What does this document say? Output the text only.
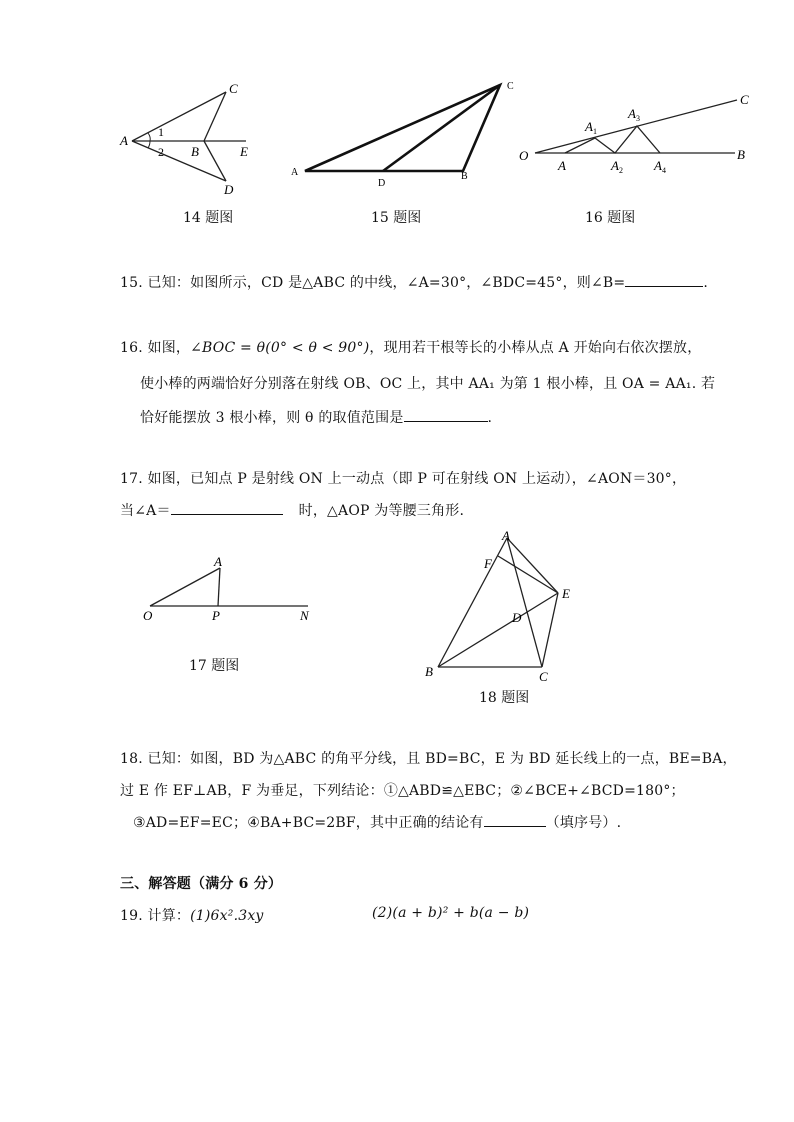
A
1
2 B	E
C
D
14 题图
A
D
B
C
15 题图
O
A
$A_1$
$A_2$
$A_3$
$A_4$
B
C
16 题图
15. 已知：如图所示，CD 是△ABC 的中线，∠A=30°，∠BDC=45°，则∠B=	.
16. 如图，∠BOC = θ(0° < θ < 90°)，现用若干根等长的小棒从点 A 开始向右依次摆放，
使小棒的两端恰好分别落在射线 OB、OC 上，其中 AA₁ 为第 1 根小棒，且 OA = AA₁. 若
恰好能摆放 3 根小棒，则 θ 的取值范围是	.
17. 如图，已知点 P 是射线 ON 上一动点（即 P 可在射线 ON 上运动），∠AON＝30°，
当∠A＝	时，△AOP 为等腰三角形.
A
O	P	N
17 题图
A
F
E
D
B	C
18 题图
18. 已知：如图，BD 为△ABC 的角平分线，且 BD=BC，E 为 BD 延长线上的一点，BE=BA，
过 E 作 EF⊥AB，F 为垂足，下列结论：①△ABD≌△EBC；②∠BCE+∠BCD=180°；
③AD=EF=EC；④BA+BC=2BF，其中正确的结论有	（填序号）.
三、解答题（满分 6 分）
19. 计算：(1)6x².3xy	(2)(a + b)² + b(a − b)
